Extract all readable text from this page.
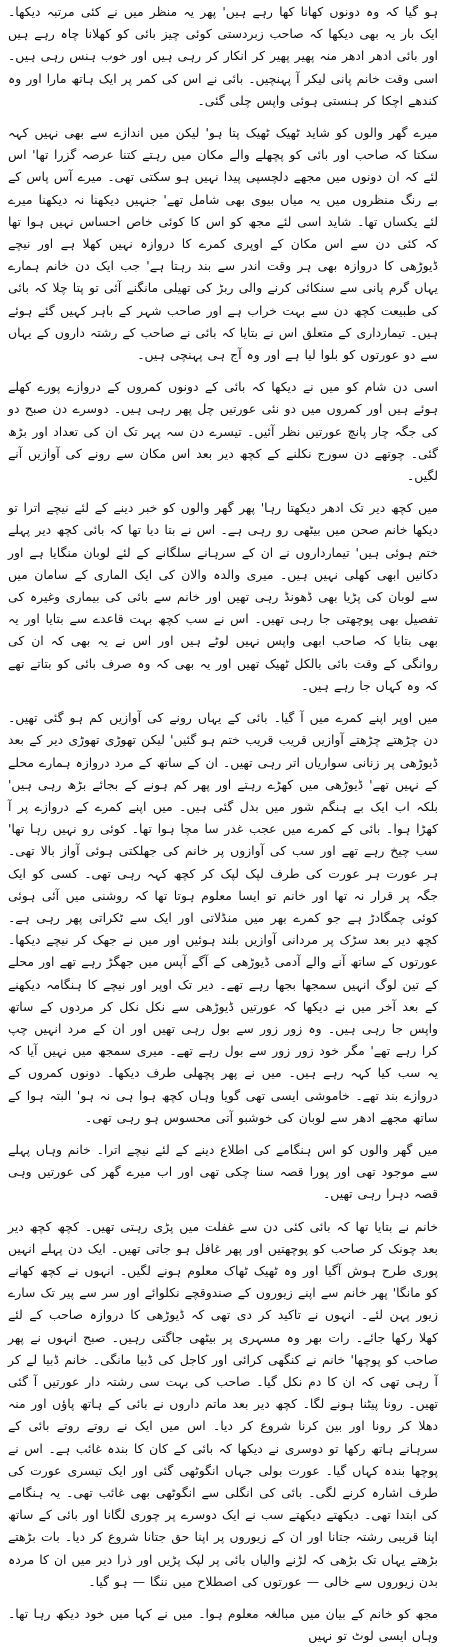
ہو گیا کہ وہ دونوں کھانا کھا رہے ہیں' پھر یہ منظر میں نے کئی مرتبہ دیکھا۔ ایک بار یہ بھی دیکھا کہ صاحب زبردستی کوئی چیز بائی کو کھلانا چاہ رہے ہیں اور بائی ادھر ادھر منہ پھیر پھیر کر انکار کر رہی ہیں اور خوب ہنس رہی ہیں۔ اسی وقت خانم پانی لیکر آ پہنچیں۔ بائی نے اس کی کمر پر ایک ہاتھ مارا اور وہ کندھے اچکا کر ہنستی ہوئی واپس چلی گئی۔

میرے گھر والوں کو شاید ٹھیک ٹھیک پتا ہو' لیکن میں اندازے سے بھی نہیں کہہ سکتا کہ صاحب اور بائی کو پچھلے والے مکان میں رہتے کتنا عرصہ گزرا تھا' اس لئے کہ ان دونوں میں مجھے دلچسپی پیدا نہیں ہو سکتی تھی۔ میرے آس پاس کے بے رنگ منظروں میں یہ میاں بیوی بھی شامل تھے' جنہیں دیکھنا نہ دیکھنا میرے لئے یکساں تھا۔ شاید اسی لئے مجھ کو اس کا کوئی خاص احساس نہیں ہوا تھا کہ کئی دن سے اس مکان کے اوپری کمرے کا دروازہ نہیں کھلا ہے اور نیچے ڈیوڑھی کا دروازہ بھی ہر وقت اندر سے بند رہتا ہے' جب ایک دن خانم ہمارے یہاں گرم پانی سے سنکائی کرنے والی ربڑ کی تھیلی مانگنے آئی تو پتا چلا کہ بائی کی طبیعت کچھ دن سے بہت خراب ہے اور صاحب شہر کے باہر کہیں گئے ہوئے ہیں۔ تیمارداری کے متعلق اس نے بتایا کہ بائی نے صاحب کے رشتہ داروں کے یہاں سے دو عورتوں کو بلوا لیا ہے اور وہ آج ہی پہنچی ہیں۔

اسی دن شام کو میں نے دیکھا کہ بائی کے دونوں کمروں کے دروازے پورے کھلے ہوئے ہیں اور کمروں میں دو نئی عورتیں چل پھر رہی ہیں۔ دوسرے دن صبح دو کی جگہ چار پانچ عورتیں نظر آئیں۔ تیسرے دن سہ پہر تک ان کی تعداد اور بڑھ گئی۔ چوتھے دن سورج نکلنے کے کچھ دیر بعد اس مکان سے رونے کی آوازیں آنے لگیں۔

میں کچھ دیر تک ادھر دیکھتا رہا' پھر گھر والوں کو خبر دینے کے لئے نیچے اترا تو دیکھا خانم صحن میں بیٹھی رو رہی ہے۔ اس نے بتا دیا تھا کہ بائی کچھ دیر پہلے ختم ہوئی ہیں' تیمارداروں نے ان کے سرہانے سلگانے کے لئے لوبان منگایا ہے اور دکانیں ابھی کھلی نہیں ہیں۔ میری والدہ والان کی ایک الماری کے سامان میں سے لوبان کی پڑیا بھی ڈھونڈ رہی تھیں اور خانم سے بائی کی بیماری وغیرہ کی تفصیل بھی پوچھتی جا رہی تھیں۔ اس نے سب کچھ بہت قاعدے سے بتایا اور یہ بھی بتایا کہ صاحب ابھی واپس نہیں لوٹے ہیں اور اس نے یہ بھی کہ ان کی روانگی کے وقت بائی بالکل ٹھیک تھیں اور یہ بھی کہ وہ صرف بائی کو بتاتے تھے کہ وہ کہاں جا رہے ہیں۔

میں اوپر اپنے کمرے میں آ گیا۔ بائی کے یہاں رونے کی آوازیں کم ہو گئی تھیں۔ دن چڑھتے چڑھتے آوازیں قریب قریب ختم ہو گئیں' لیکن تھوڑی تھوڑی دیر کے بعد ڈیوڑھی پر زنانی سواریاں اتر رہی تھیں۔ ان کے ساتھ کے مرد دروازہ ہمارے محلے کے نہیں تھے' ڈیوڑھی میں کھڑے رہتے اور پھر کم ہونے کے بجائے بڑھ رہی ہیں' بلکہ اب ایک بے ہنگم شور میں بدل گئی ہیں۔ میں اپنے کمرے کے دروازے پر آ کھڑا ہوا۔ بائی کے کمرے میں عجب غدر سا مچا ہوا تھا۔ کوئی رو نہیں رہا تھا' سب چیخ رہے تھے اور سب کی آوازوں پر خانم کی جھلکتی ہوئی آواز بالا تھی۔ ہر عورت ہر عورت کی طرف لپک لپک کر کچھ کہہ رہی تھی۔ کسی کو ایک جگہ پر قرار نہ تھا اور خانم تو ایسا معلوم ہوتا تھا کہ روشنی میں آئی ہوئی کوئی چمگادڑ ہے جو کمرے بھر میں منڈلاتی اور ایک سے ٹکراتی پھر رہی ہے۔ کچھ دیر بعد سڑک پر مردانی آوازیں بلند ہوئیں اور میں نے جھک کر نیچے دیکھا۔ عورتوں کے ساتھ آنے والے آدمی ڈیوڑھی کے آگے آپس میں جھگڑ رہے تھے اور محلے کے تین لوگ انہیں سمجھا بجھا رہے تھے۔ دیر تک اوپر اور نیچے کا ہنگامہ دیکھنے کے بعد آخر میں نے دیکھا کہ عورتیں ڈیوڑھی سے نکل نکل کر مردوں کے ساتھ واپس جا رہی ہیں۔ وہ زور زور سے بول رہی تھیں اور ان کے مرد انہیں چپ کرا رہے تھے' مگر خود زور زور سے بول رہے تھے۔ میری سمجھ میں نہیں آیا کہ یہ سب کیا کہہ رہے ہیں۔ میں نے پھر پچھلی طرف دیکھا۔ دونوں کمروں کے دروازے بند تھے۔ خاموشی ایسی تھی گویا وہاں کچھ ہوا ہی نہ ہو' البتہ ہوا کے ساتھ مجھے ادھر سے لوبان کی خوشبو آتی محسوس ہو رہی تھی۔

میں گھر والوں کو اس ہنگامے کی اطلاع دینے کے لئے نیچے اترا۔ خانم وہاں پہلے سے موجود تھی اور پورا قصہ سنا چکی تھی اور اب میرے گھر کی عورتیں وہی قصہ دہرا رہی تھیں۔

خانم نے بتایا تھا کہ بائی کئی دن سے غفلت میں پڑی رہتی تھیں۔ کچھ کچھ دیر بعد چونک کر صاحب کو پوچھتیں اور پھر غافل ہو جاتی تھیں۔ ایک دن پہلے انہیں پوری طرح ہوش آگیا اور وہ ٹھیک ٹھاک معلوم ہونے لگیں۔ انہوں نے کچھ کھانے کو مانگا' پھر خانم سے اپنے زیوروں کے صندوقچے نکلوائے اور سر سے پیر تک سارے زیور پہن لئے۔ انہوں نے تاکید کر دی تھی کہ ڈیوڑھی کا دروازہ صاحب کے لئے کھلا رکھا جائے۔ رات بھر وہ مسہری پر بیٹھی جاگتی رہیں۔ صبح انہوں نے پھر صاحب کو پوچھا' خانم نے کنگھی کرائی اور کاجل کی ڈبیا مانگی۔ خانم ڈبیا لے کر آ رہی تھی کہ ان کا دم نکل گیا۔ صاحب کی بہت سی رشتہ دار عورتیں آ گئی تھیں۔ رونا پیٹنا ہونے لگا۔ کچھ دیر بعد ماتم داروں نے بائی کے ہاتھ پاؤں اور منہ دھلا کر رونا اور بین کرنا شروع کر دیا۔ اس میں ایک نے روتے روتے بائی کے سرہانے ہاتھ رکھا تو دوسری نے دیکھا کہ بائی کے کان کا بندہ غائب ہے۔ اس نے پوچھا بندہ کہاں گیا۔ عورت بولی جہاں انگوٹھی گئی اور ایک تیسری عورت کی طرف اشارہ کرنے لگی۔ بائی کی انگلی سے انگوٹھی بھی غائب تھی۔ یہ ہنگامے کی ابتدا تھی۔ دیکھتے دیکھتے سب نے ایک دوسرے پر چوری لگانا اور بائی کے ساتھ اپنا قریبی رشتہ جتانا اور ان کے زیوروں پر اپنا حق جتانا شروع کر دیا۔ بات بڑھتے بڑھتے یہاں تک بڑھی کہ لڑنے والیاں بائی پر لپک پڑیں اور ذرا دیر میں ان کا مردہ بدن زیوروں سے خالی — عورتوں کی اصطلاح میں ننگا — ہو گیا۔

مجھ کو خانم کے بیان میں مبالغہ معلوم ہوا۔ میں نے کہا میں خود دیکھ رہا تھا۔ وہاں ایسی لوٹ تو نہیں
